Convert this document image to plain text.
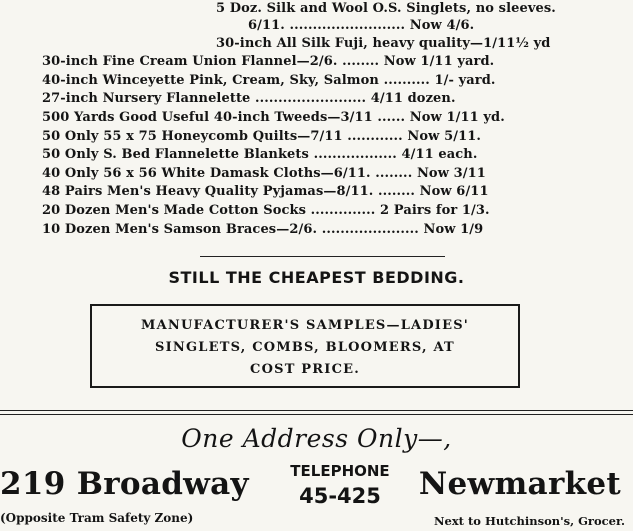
5 Doz. Silk and Wool O.S. Singlets, no sleeves.
6/11. ......................... Now 4/6.
30-inch All Silk Fuji, heavy quality—1/11½ yd
30-inch Fine Cream Union Flannel—2/6. ........ Now 1/11 yard.
40-inch Winceyette Pink, Cream, Sky, Salmon .......... 1/- yard.
27-inch Nursery Flannelette ........................ 4/11 dozen.
500 Yards Good Useful 40-inch Tweeds—3/11 ...... Now 1/11 yd.
50 Only 55 x 75 Honeycomb Quilts—7/11 ............ Now 5/11.
50 Only S. Bed Flannelette Blankets .................. 4/11 each.
40 Only 56 x 56 White Damask Cloths—6/11. ........ Now 3/11
48 Pairs Men's Heavy Quality Pyjamas—8/11. ........ Now 6/11
20 Dozen Men's Made Cotton Socks .............. 2 Pairs for 1/3.
10 Dozen Men's Samson Braces—2/6. ..................... Now 1/9
STILL THE CHEAPEST BEDDING.
MANUFACTURER'S SAMPLES—LADIES'
SINGLETS, COMBS, BLOOMERS, AT
COST PRICE.
One Address Only—,
219 Broadway	TELEPHONE
45-425	Newmarket
(Opposite Tram Safety Zone)	Next to Hutchinson's, Grocer.
